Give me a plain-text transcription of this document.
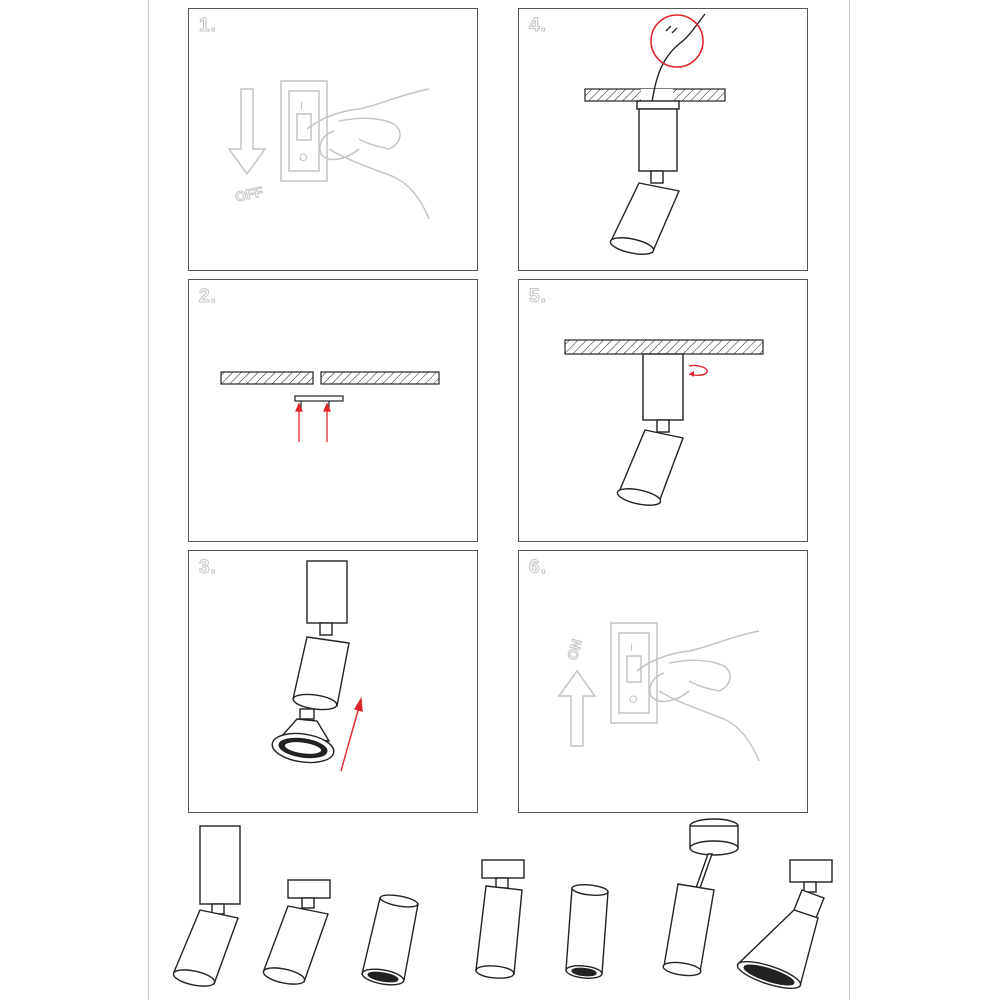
1.
OFF
I
O
2.
3.
4.
5.
6.
ON	I
O
